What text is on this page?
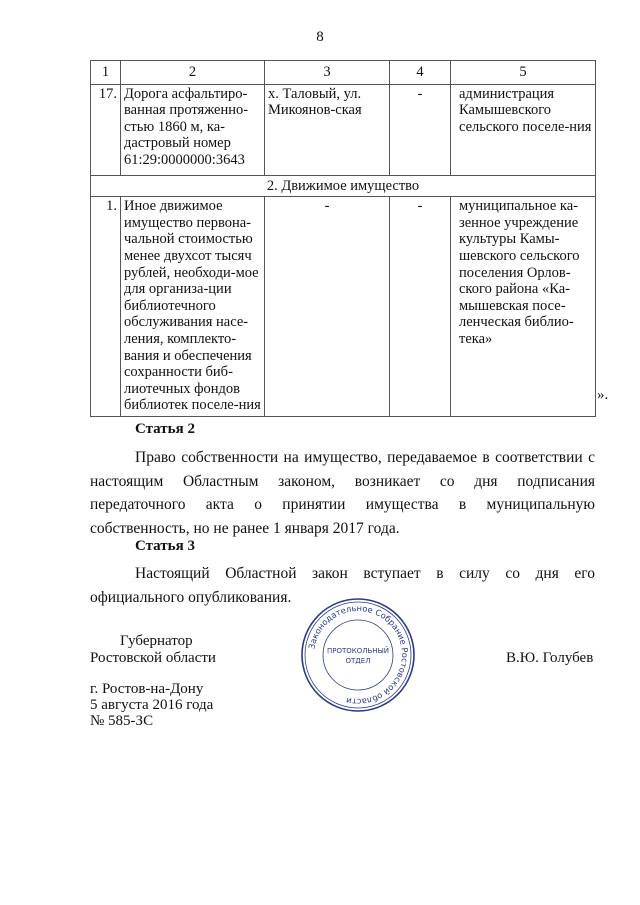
8
1	2	3	4	5
17.	Дорога асфальтиро-ванная протяженно-стью 1860 м, ка-дастровый номер 61:29:0000000:3643	х. Таловый, ул. Микоянов-ская	-	администрация Камышевского сельского поселе-ния
2. Движимое имущество				
1.	Иное движимое имущество первона-чальной стоимостью менее двухсот тысяч рублей, необходи-мое для организа-ции библиотечного обслуживания насе-ления, комплекто-вания и обеспечения сохранности биб-лиотечных фондов библиотек поселе-ния	-	-	муниципальное ка-зенное учреждение культуры Камы-шевского сельского поселения Орлов-ского района «Ка-мышевская посе-ленческая библио-тека»
».
Статья 2
Право собственности на имущество, передаваемое в соответствии с настоящим Областным законом, возникает со дня подписания передаточного акта о принятии имущества в муниципальную собственность, но не ранее 1 января 2017 года.
Статья 3
Настоящий Областной закон вступает в силу со дня его официального опубликования.
Губернатор
Ростовской области	В.Ю. Голубев
г. Ростов-на-Дону
5 августа 2016 года
№ 585-ЗС
Законодательное Собрание Ростовской области
ПРОТОКОЛЬНЫЙ
ОТДЕЛ
